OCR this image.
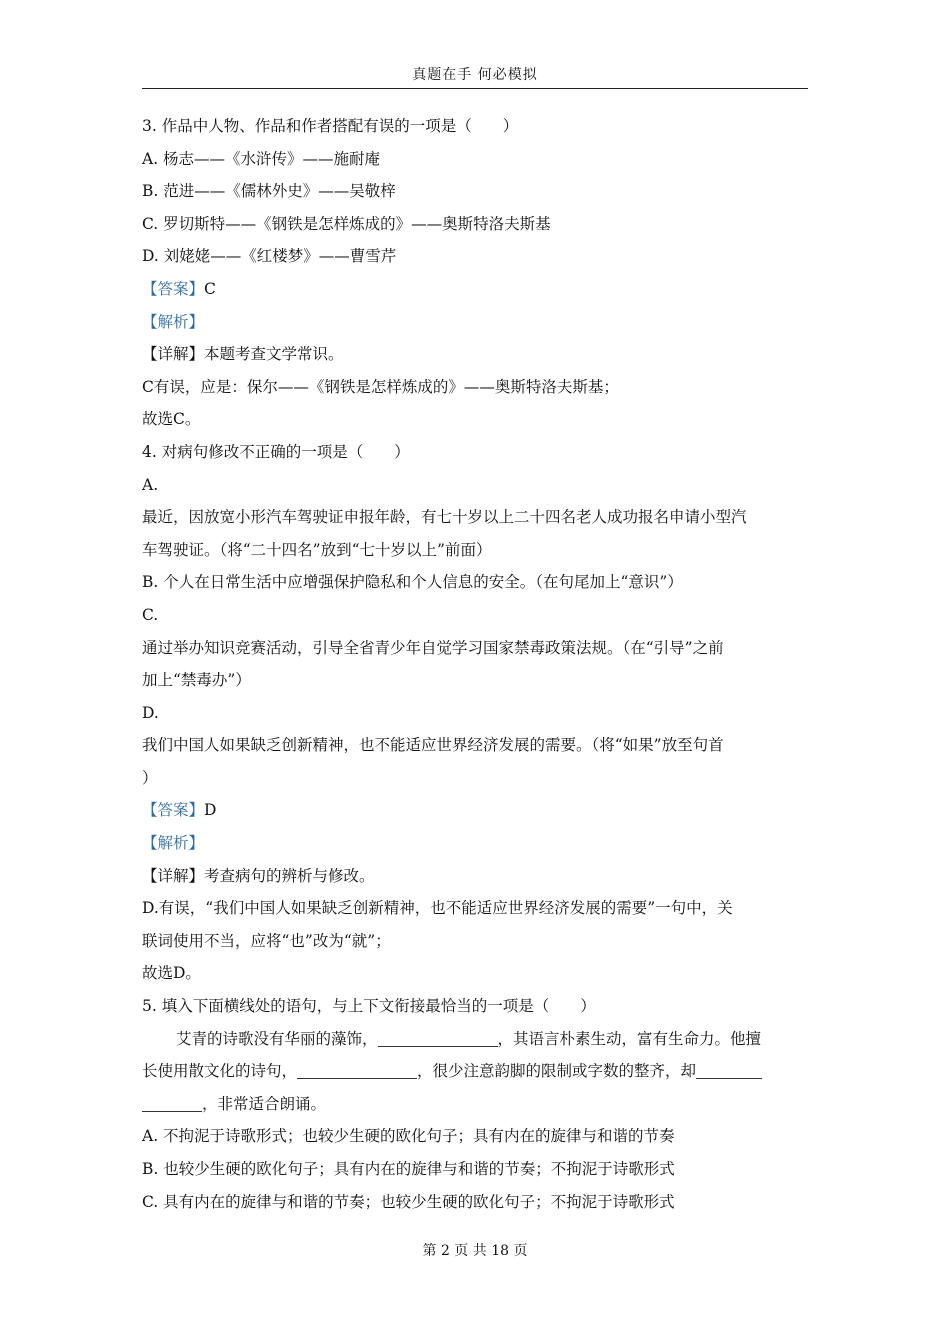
真题在手 何必模拟
3. 作品中人物、作品和作者搭配有误的一项是（　　）
A. 杨志——《水浒传》——施耐庵
B. 范进——《儒林外史》——吴敬梓
C. 罗切斯特——《钢铁是怎样炼成的》——奥斯特洛夫斯基
D. 刘姥姥——《红楼梦》——曹雪芹
【答案】C
【解析】
【详解】本题考查文学常识。
C有误，应是：保尔——《钢铁是怎样炼成的》——奥斯特洛夫斯基；
故选C。
4. 对病句修改不正确的一项是（　　）
A.
最近，因放宽小形汽车驾驶证申报年龄，有七十岁以上二十四名老人成功报名申请小型汽
车驾驶证。（将“二十四名”放到“七十岁以上”前面）
B. 个人在日常生活中应增强保护隐私和个人信息的安全。（在句尾加上“意识”）
C.
通过举办知识竞赛活动，引导全省青少年自觉学习国家禁毒政策法规。（在“引导”之前
加上“禁毒办”）
D.
我们中国人如果缺乏创新精神，也不能适应世界经济发展的需要。（将“如果”放至句首
）
【答案】D
【解析】
【详解】考查病句的辨析与修改。
D.有误，“我们中国人如果缺乏创新精神，也不能适应世界经济发展的需要”一句中，关
联词使用不当，应将“也”改为“就”；
故选D。
5. 填入下面横线处的语句，与上下文衔接最恰当的一项是（　　）
艾青的诗歌没有华丽的藻饰，	，其语言朴素生动，富有生命力。他擅
长使用散文化的诗句，	，很少注意韵脚的限制或字数的整齐，却
，非常适合朗诵。
A. 不拘泥于诗歌形式；也较少生硬的欧化句子；具有内在的旋律与和谐的节奏
B. 也较少生硬的欧化句子；具有内在的旋律与和谐的节奏；不拘泥于诗歌形式
C. 具有内在的旋律与和谐的节奏；也较少生硬的欧化句子；不拘泥于诗歌形式
第 2 页 共 18 页
